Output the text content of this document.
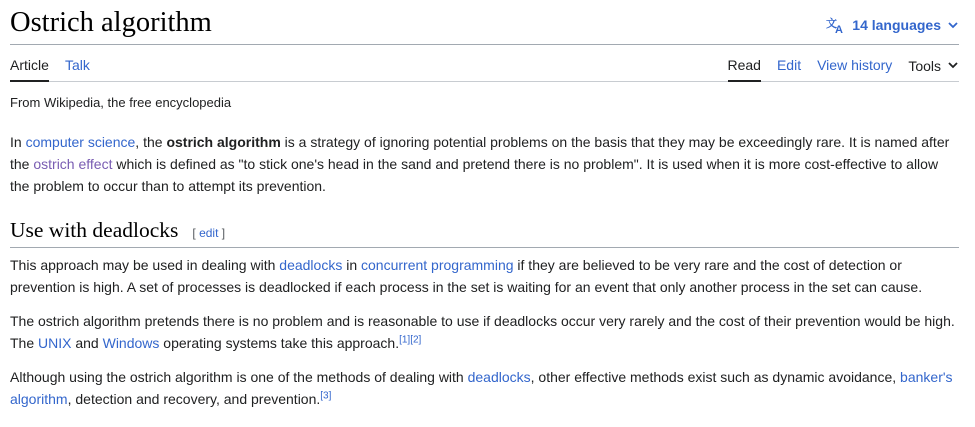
Ostrich algorithm	文
A 14 languages
Article Talk	Read Edit View history Tools
From Wikipedia, the free encyclopedia

In computer science, the ostrich algorithm is a strategy of ignoring potential problems on the basis that they may be exceedingly rare. It is named after the ostrich effect which is defined as "to stick one's head in the sand and pretend there is no problem". It is used when it is more cost-effective to allow the problem to occur than to attempt its prevention.

Use with deadlocks [ edit ]

This approach may be used in dealing with deadlocks in concurrent programming if they are believed to be very rare and the cost of detection or prevention is high. A set of processes is deadlocked if each process in the set is waiting for an event that only another process in the set can cause.

The ostrich algorithm pretends there is no problem and is reasonable to use if deadlocks occur very rarely and the cost of their prevention would be high. The UNIX and Windows operating systems take this approach.[1][2]

Although using the ostrich algorithm is one of the methods of dealing with deadlocks, other effective methods exist such as dynamic avoidance, banker's algorithm, detection and recovery, and prevention.[3]
